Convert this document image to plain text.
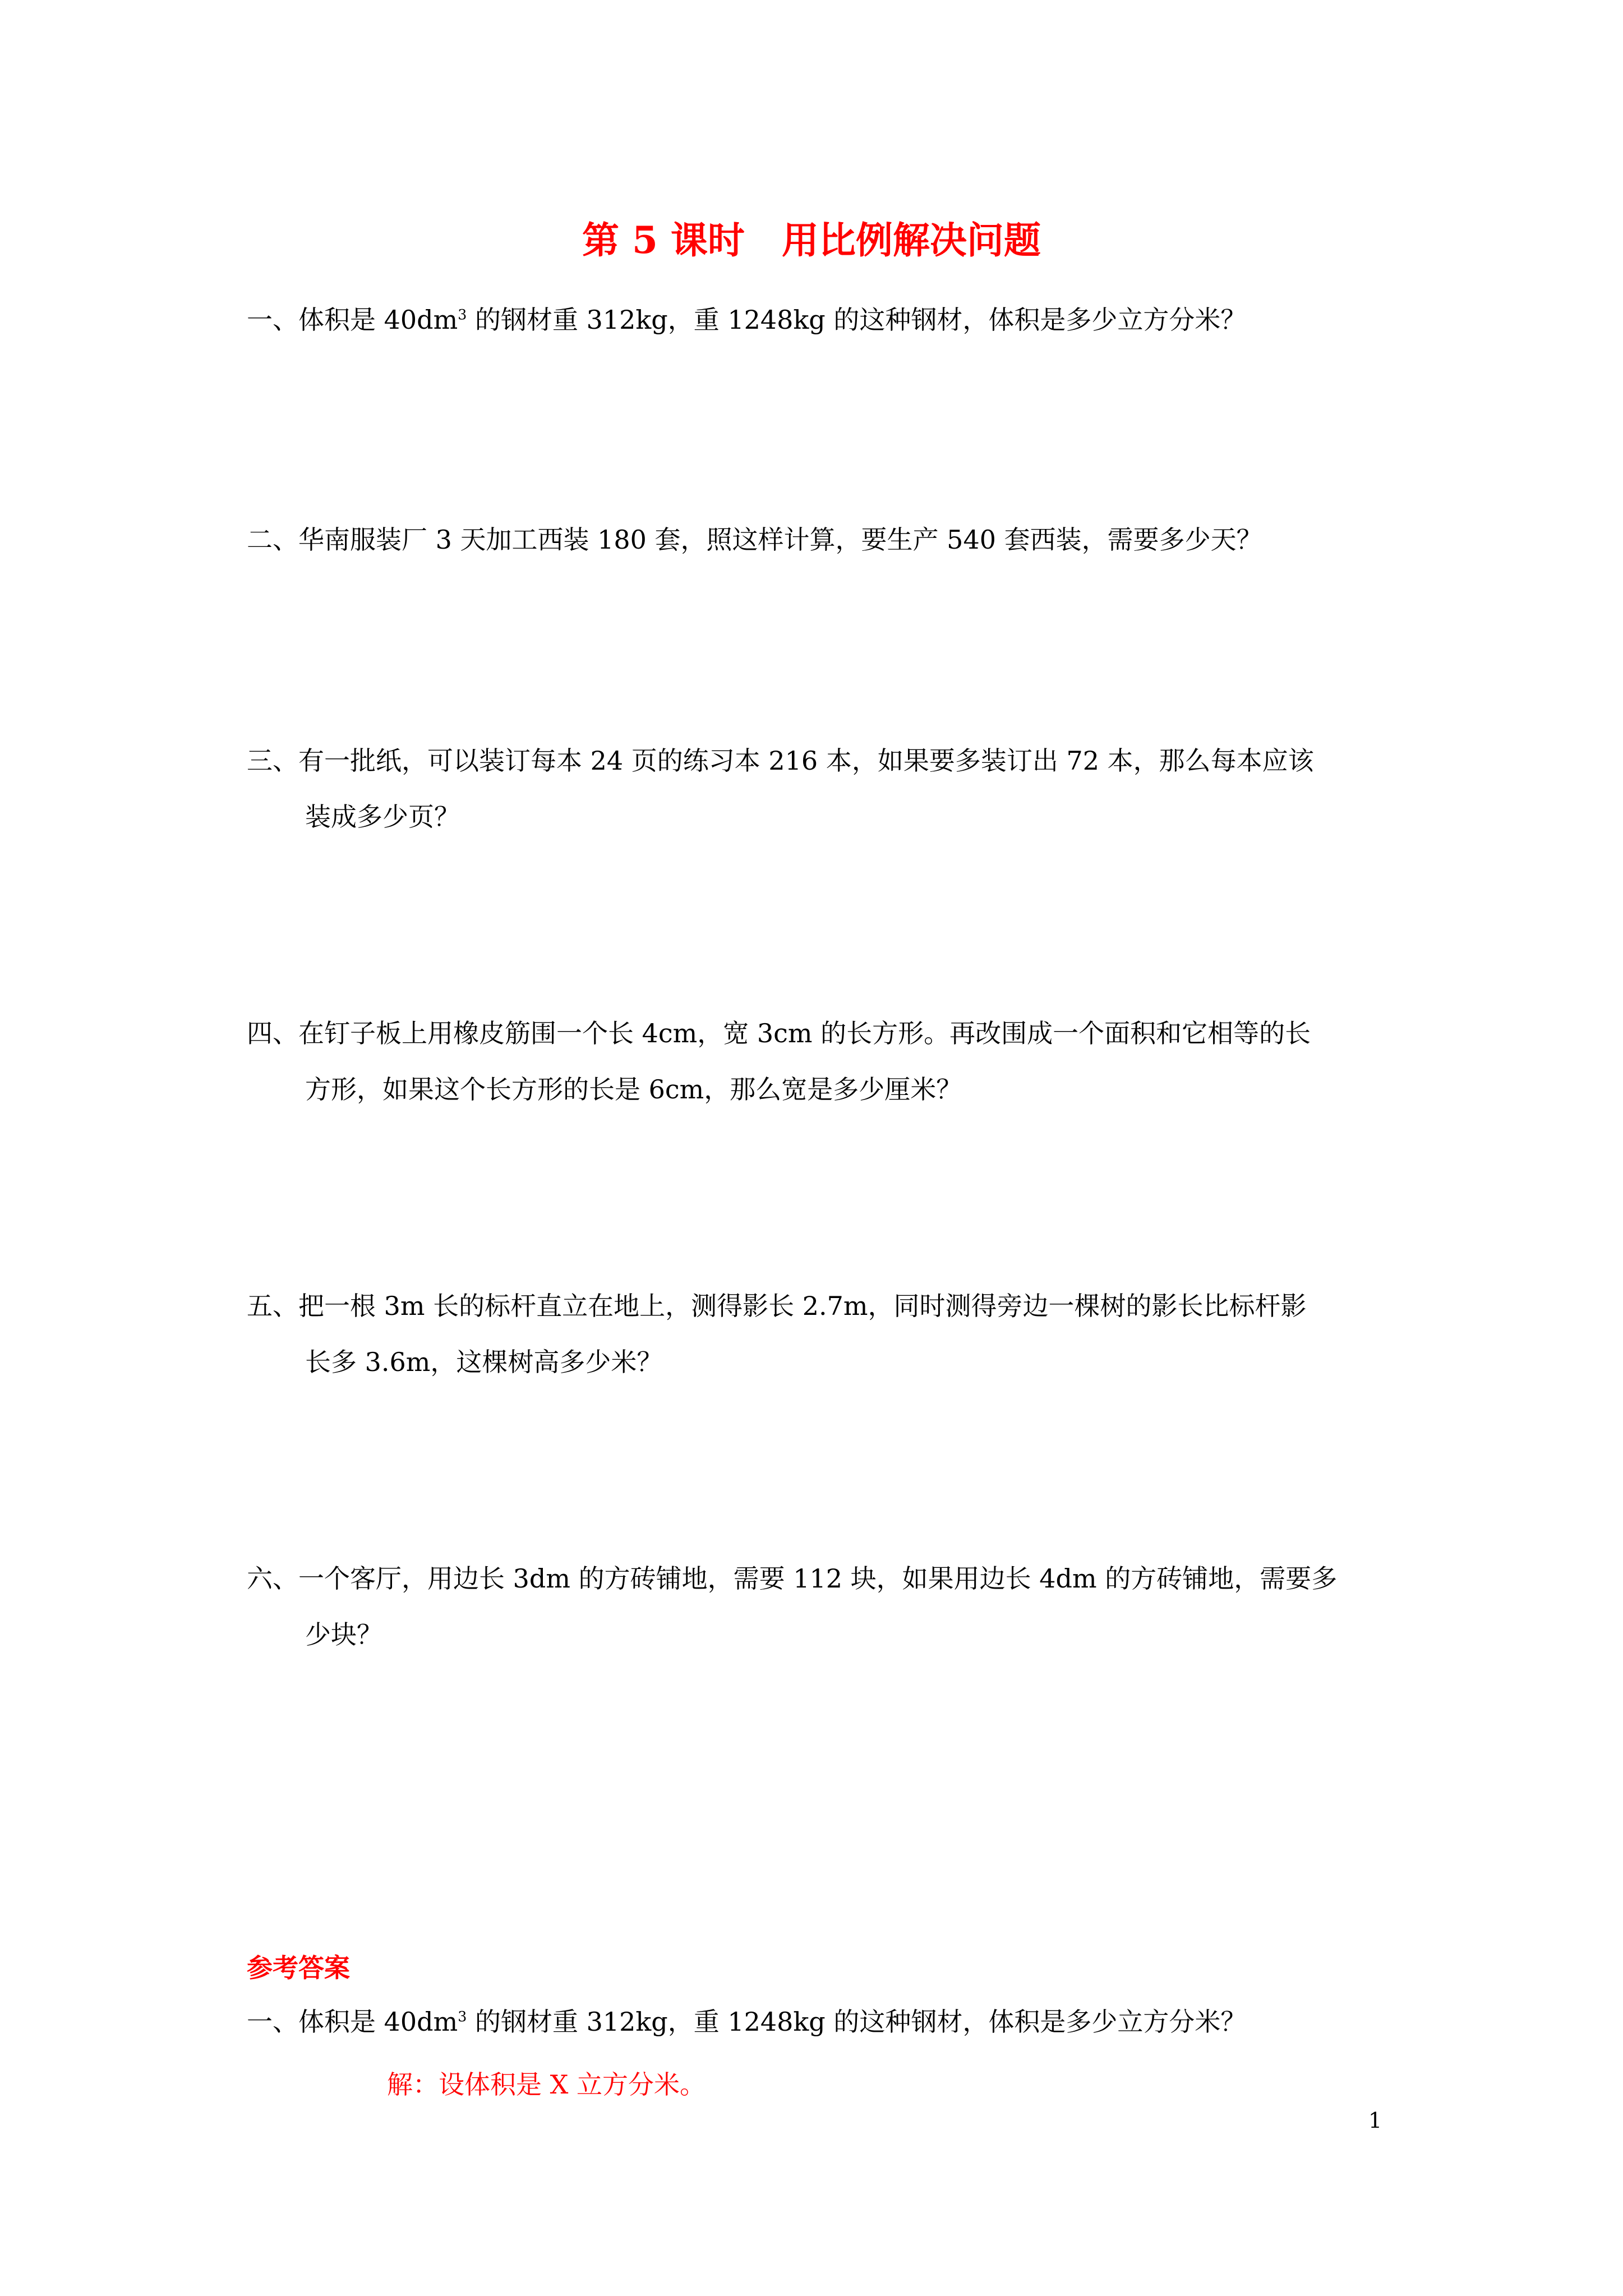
第 5 课时　用比例解决问题
一、体积是 $40dm^3$ 的钢材重 312kg，重 1248kg 的这种钢材，体积是多少立方分米？
二、华南服装厂 3 天加工西装 180 套，照这样计算，要生产 540 套西装，需要多少天？
三、有一批纸，可以装订每本 24 页的练习本 216 本，如果要多装订出 72 本，那么每本应该
装成多少页？
四、在钉子板上用橡皮筋围一个长 4cm，宽 3cm 的长方形。再改围成一个面积和它相等的长
方形，如果这个长方形的长是 6cm，那么宽是多少厘米？
五、把一根 3m 长的标杆直立在地上，测得影长 2.7m，同时测得旁边一棵树的影长比标杆影
长多 3.6m，这棵树高多少米？
六、一个客厅，用边长 3dm 的方砖铺地，需要 112 块，如果用边长 4dm 的方砖铺地，需要多
少块？
参考答案
一、体积是 $40dm^3$ 的钢材重 312kg，重 1248kg 的这种钢材，体积是多少立方分米？
解：设体积是 X 立方分米。
1
